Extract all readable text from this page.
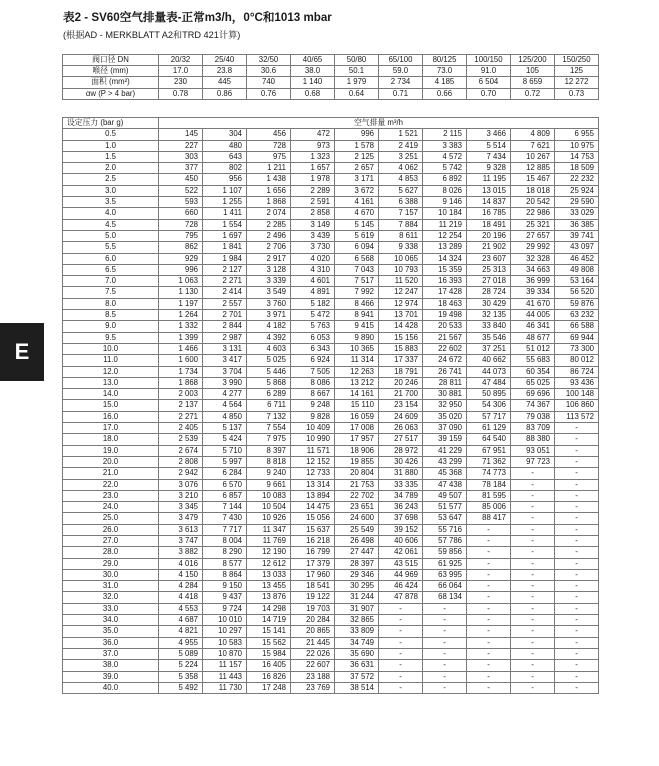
表2 - SV60空气排量表-正常m3/h，0°C和1013 mbar
(根据AD - MERKBLATT A2和TRD 421计算)
E
阀口径 DN	20/32	25/40	32/50	40/65	50/80	65/100	80/125	100/150	125/200	150/250
喉径 (mm)	17.0	23.8	30.6	38.0	50.1	59.0	73.0	91.0	105	125
面积 (mm²)	230	445	740	1 140	1 979	2 734	4 185	6 504	8 659	12 272
αw (P > 4 bar)	0.78	0.86	0.76	0.68	0.64	0.71	0.66	0.70	0.72	0.73
设定压力 (bar g)	空气排量 m³/h									
0.5	145	304	456	472	996	1 521	2 115	3 466	4 809	6 955
1.0	227	480	728	973	1 578	2 419	3 383	5 514	7 621	10 975
1.5	303	643	975	1 323	2 125	3 251	4 572	7 434	10 267	14 753
2.0	377	802	1 211	1 657	2 657	4 062	5 742	9 328	12 885	18 509
2.5	450	956	1 438	1 978	3 171	4 853	6 892	11 195	15 467	22 232
3.0	522	1 107	1 656	2 289	3 672	5 627	8 026	13 015	18 018	25 924
3.5	593	1 255	1 868	2 591	4 161	6 388	9 146	14 837	20 542	29 590
4.0	660	1 411	2 074	2 858	4 670	7 157	10 184	16 785	22 986	33 029
4.5	728	1 554	2 285	3 149	5 145	7 884	11 219	18 491	25 321	36 385
5.0	795	1 697	2 496	3 439	5 619	8 611	12 254	20 196	27 657	39 741
5.5	862	1 841	2 706	3 730	6 094	9 338	13 289	21 902	29 992	43 097
6.0	929	1 984	2 917	4 020	6 568	10 065	14 324	23 607	32 328	46 452
6.5	996	2 127	3 128	4 310	7 043	10 793	15 359	25 313	34 663	49 808
7.0	1 063	2 271	3 339	4 601	7 517	11 520	16 393	27 018	36 999	53 164
7.5	1 130	2 414	3 549	4 891	7 992	12 247	17 428	28 724	39 334	56 520
8.0	1 197	2 557	3 760	5 182	8 466	12 974	18 463	30 429	41 670	59 876
8.5	1 264	2 701	3 971	5 472	8 941	13 701	19 498	32 135	44 005	63 232
9.0	1 332	2 844	4 182	5 763	9 415	14 428	20 533	33 840	46 341	66 588
9.5	1 399	2 987	4 392	6 053	9 890	15 156	21 567	35 546	48 677	69 944
10.0	1 466	3 131	4 603	6 343	10 365	15 883	22 602	37 251	51 012	73 300
11.0	1 600	3 417	5 025	6 924	11 314	17 337	24 672	40 662	55 683	80 012
12.0	1 734	3 704	5 446	7 505	12 263	18 791	26 741	44 073	60 354	86 724
13.0	1 868	3 990	5 868	8 086	13 212	20 246	28 811	47 484	65 025	93 436
14.0	2 003	4 277	6 289	8 667	14 161	21 700	30 881	50 895	69 696	100 148
15.0	2 137	4 564	6 711	9 248	15 110	23 154	32 950	54 306	74 367	106 860
16.0	2 271	4 850	7 132	9 828	16 059	24 609	35 020	57 717	79 038	113 572
17.0	2 405	5 137	7 554	10 409	17 008	26 063	37 090	61 129	83 709	-
18.0	2 539	5 424	7 975	10 990	17 957	27 517	39 159	64 540	88 380	-
19.0	2 674	5 710	8 397	11 571	18 906	28 972	41 229	67 951	93 051	-
20.0	2 808	5 997	8 818	12 152	19 855	30 426	43 299	71 362	97 723	-
21.0	2 942	6 284	9 240	12 733	20 804	31 880	45 368	74 773	-	-
22.0	3 076	6 570	9 661	13 314	21 753	33 335	47 438	78 184	-	-
23.0	3 210	6 857	10 083	13 894	22 702	34 789	49 507	81 595	-	-
24.0	3 345	7 144	10 504	14 475	23 651	36 243	51 577	85 006	-	-
25.0	3 479	7 430	10 926	15 056	24 600	37 698	53 647	88 417	-	-
26.0	3 613	7 717	11 347	15 637	25 549	39 152	55 716	-	-	-
27.0	3 747	8 004	11 769	16 218	26 498	40 606	57 786	-	-	-
28.0	3 882	8 290	12 190	16 799	27 447	42 061	59 856	-	-	-
29.0	4 016	8 577	12 612	17 379	28 397	43 515	61 925	-	-	-
30.0	4 150	8 864	13 033	17 960	29 346	44 969	63 995	-	-	-
31.0	4 284	9 150	13 455	18 541	30 295	46 424	66 064	-	-	-
32.0	4 418	9 437	13 876	19 122	31 244	47 878	68 134	-	-	-
33.0	4 553	9 724	14 298	19 703	31 907	-	-	-	-	-
34.0	4 687	10 010	14 719	20 284	32 865	-	-	-	-	-
35.0	4 821	10 297	15 141	20 865	33 809	-	-	-	-	-
36.0	4 955	10 583	15 562	21 445	34 749	-	-	-	-	-
37.0	5 089	10 870	15 984	22 026	35 690	-	-	-	-	-
38.0	5 224	11 157	16 405	22 607	36 631	-	-	-	-	-
39.0	5 358	11 443	16 826	23 188	37 572	-	-	-	-	-
40.0	5 492	11 730	17 248	23 769	38 514	-	-	-	-	-
